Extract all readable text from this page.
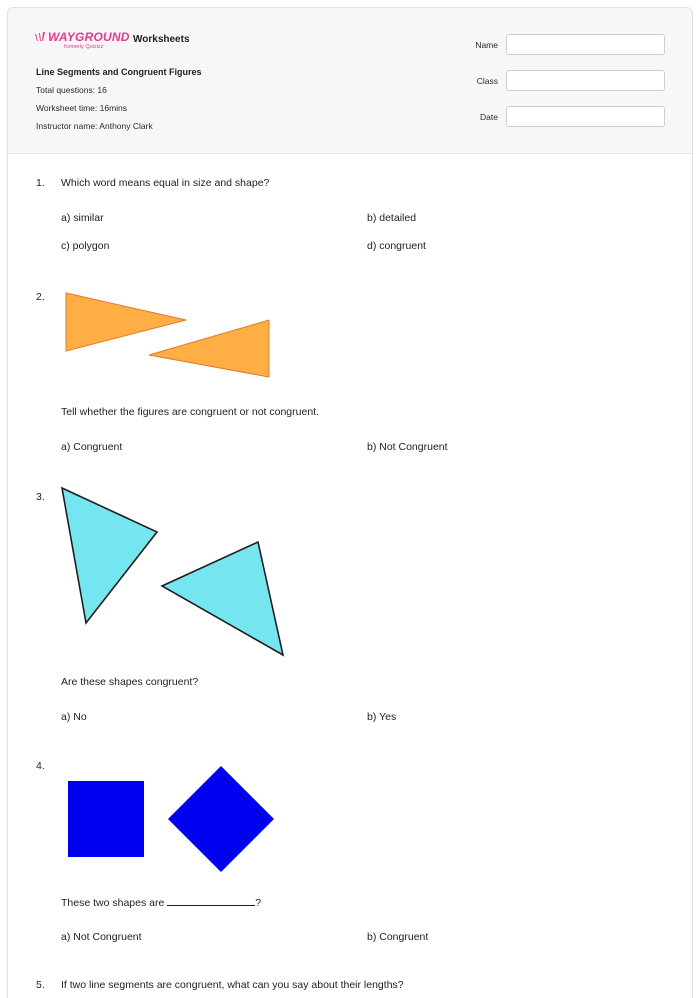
WAYGROUND
formerly Quizizz
Worksheets
Line Segments and Congruent Figures
Total questions: 16
Worksheet time: 16mins
Instructor name: Anthony Clark
Name
Class
Date
1. Which word means equal in size and shape?
a) similar	b) detailed
c) polygon	d) congruent
2.
Tell whether the figures are congruent or not congruent.
a) Congruent	b) Not Congruent
3.
Are these shapes congruent?
a) No	b) Yes
4.
These two shapes are	?
a) Not Congruent	b) Congruent
5. If two line segments are congruent, what can you say about their lengths?
